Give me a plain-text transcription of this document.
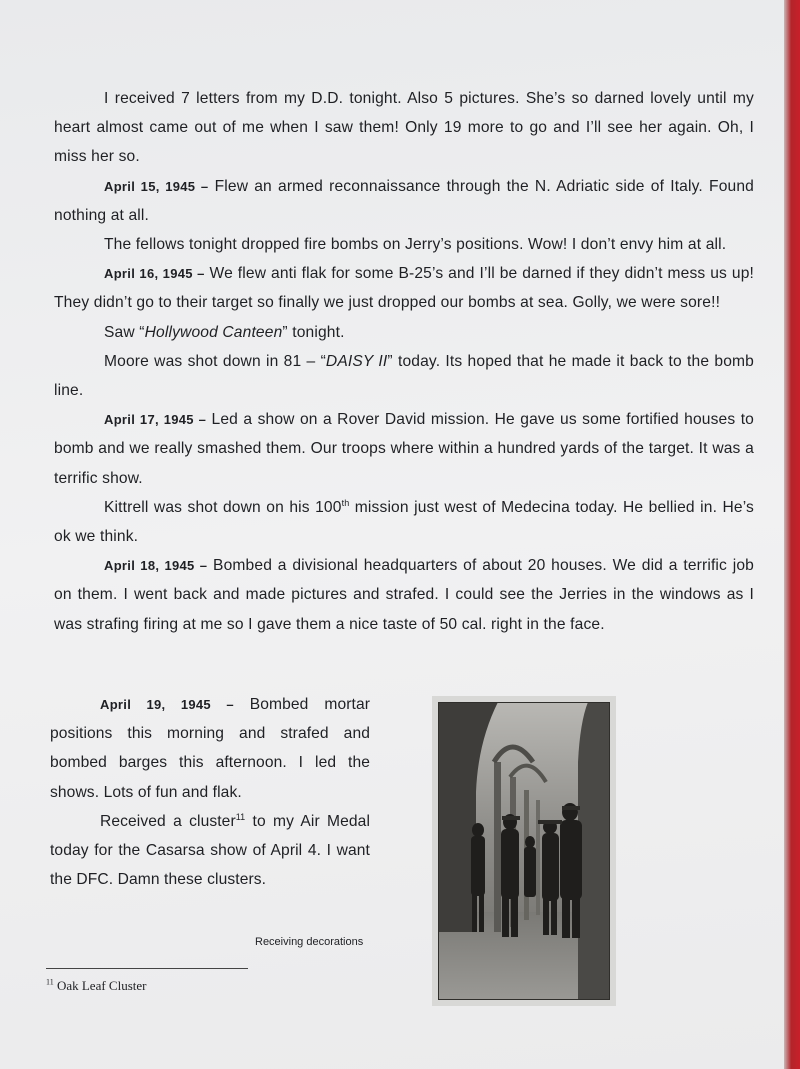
I received 7 letters from my D.D. tonight. Also 5 pictures. She’s so darned lovely until my heart almost came out of me when I saw them! Only 19 more to go and I’ll see her again. Oh, I miss her so.

April 15, 1945 – Flew an armed reconnaissance through the N. Adriatic side of Italy. Found nothing at all.

The fellows tonight dropped fire bombs on Jerry’s positions. Wow! I don’t envy him at all.

April 16, 1945 – We flew anti flak for some B-25’s and I’ll be darned if they didn’t mess us up! They didn’t go to their target so finally we just dropped our bombs at sea. Golly, we were sore!!

Saw “Hollywood Canteen” tonight.

Moore was shot down in 81 – “DAISY II” today. Its hoped that he made it back to the bomb line.

April 17, 1945 – Led a show on a Rover David mission. He gave us some fortified houses to bomb and we really smashed them. Our troops where within a hundred yards of the target. It was a terrific show.

Kittrell was shot down on his 100th mission just west of Medecina today. He bellied in. He’s ok we think.

April 18, 1945 – Bombed a divisional headquarters of about 20 houses. We did a terrific job on them. I went back and made pictures and strafed. I could see the Jerries in the windows as I was strafing firing at me so I gave them a nice taste of 50 cal. right in the face.

April 19, 1945 – Bombed mortar positions this morning and strafed and bombed barges this afternoon. I led the shows. Lots of fun and flak.

Received a cluster$^{11}$ to my Air Medal today for the Casarsa show of April 4. I want the DFC. Damn these clusters.

Receiving decorations
$^{11}$ Oak Leaf Cluster
